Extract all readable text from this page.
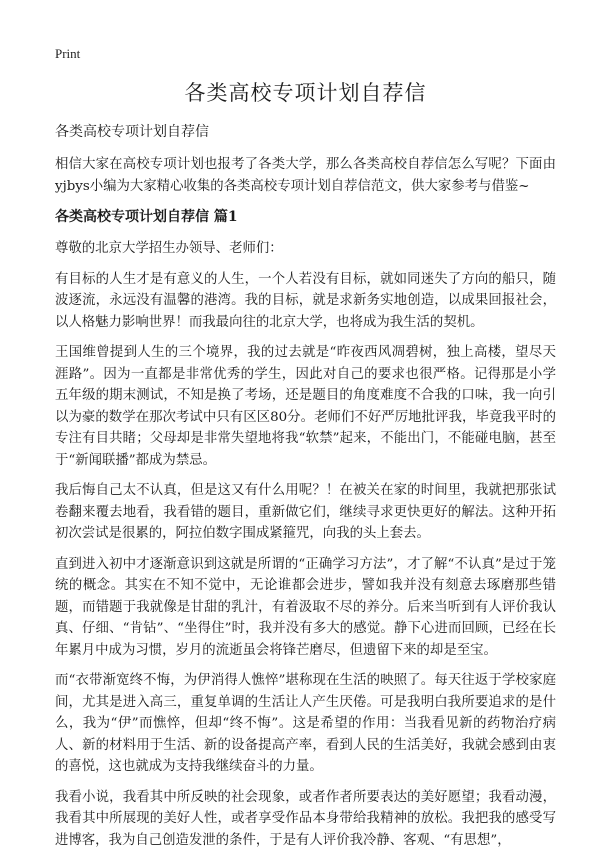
Print
各类高校专项计划自荐信
各类高校专项计划自荐信

相信大家在高校专项计划也报考了各类大学，那么各类高校自荐信怎么写呢？下面由yjbys小编为大家精心收集的各类高校专项计划自荐信范文，供大家参考与借鉴~

各类高校专项计划自荐信 篇1

尊敬的北京大学招生办领导、老师们：

有目标的人生才是有意义的人生，一个人若没有目标，就如同迷失了方向的船只，随波逐流，永远没有温馨的港湾。我的目标，就是求新务实地创造，以成果回报社会，以人格魅力影响世界！而我最向往的北京大学，也将成为我生活的契机。

王国维曾提到人生的三个境界，我的过去就是“昨夜西风凋碧树，独上高楼，望尽天涯路”。因为一直都是非常优秀的学生，因此对自己的要求也很严格。记得那是小学五年级的期末测试，不知是换了考场，还是题目的角度难度不合我的口味，我一向引以为豪的数学在那次考试中只有区区80分。老师们不好严厉地批评我，毕竟我平时的专注有目共睹；父母却是非常失望地将我“软禁”起来，不能出门，不能碰电脑，甚至于“新闻联播”都成为禁忌。

我后悔自己太不认真，但是这又有什么用呢？！在被关在家的时间里，我就把那张试卷翻来覆去地看，我看错的题目，重新做它们，继续寻求更快更好的解法。这种开拓初次尝试是很累的，阿拉伯数字围成紧箍咒，向我的头上套去。

直到进入初中才逐渐意识到这就是所谓的“正确学习方法”，才了解“不认真”是过于笼统的概念。其实在不知不觉中，无论谁都会进步，譬如我并没有刻意去琢磨那些错题，而错题于我就像是甘甜的乳汁，有着汲取不尽的养分。后来当听到有人评价我认真、仔细、“肯钻”、“坐得住”时，我并没有多大的感觉。静下心进而回顾，已经在长年累月中成为习惯，岁月的流逝虽会将锋芒磨尽，但遗留下来的却是至宝。

而“衣带渐宽终不悔，为伊消得人憔悴”堪称现在生活的映照了。每天往返于学校家庭间，尤其是进入高三，重复单调的生活让人产生厌倦。可是我明白我所要追求的是什么，我为“伊”而憔悴，但却“终不悔”。这是希望的作用：当我看见新的药物治疗病人、新的材料用于生活、新的设备提高产率，看到人民的生活美好，我就会感到由衷的喜悦，这也就成为支持我继续奋斗的力量。

我看小说，我看其中所反映的社会现象，或者作者所要表达的美好愿望；我看动漫，我看其中所展现的美好人性，或者享受作品本身带给我精神的放松。我把我的感受写进博客，我为自己创造发泄的条件，于是有人评价我冷静、客观、“有思想”，
